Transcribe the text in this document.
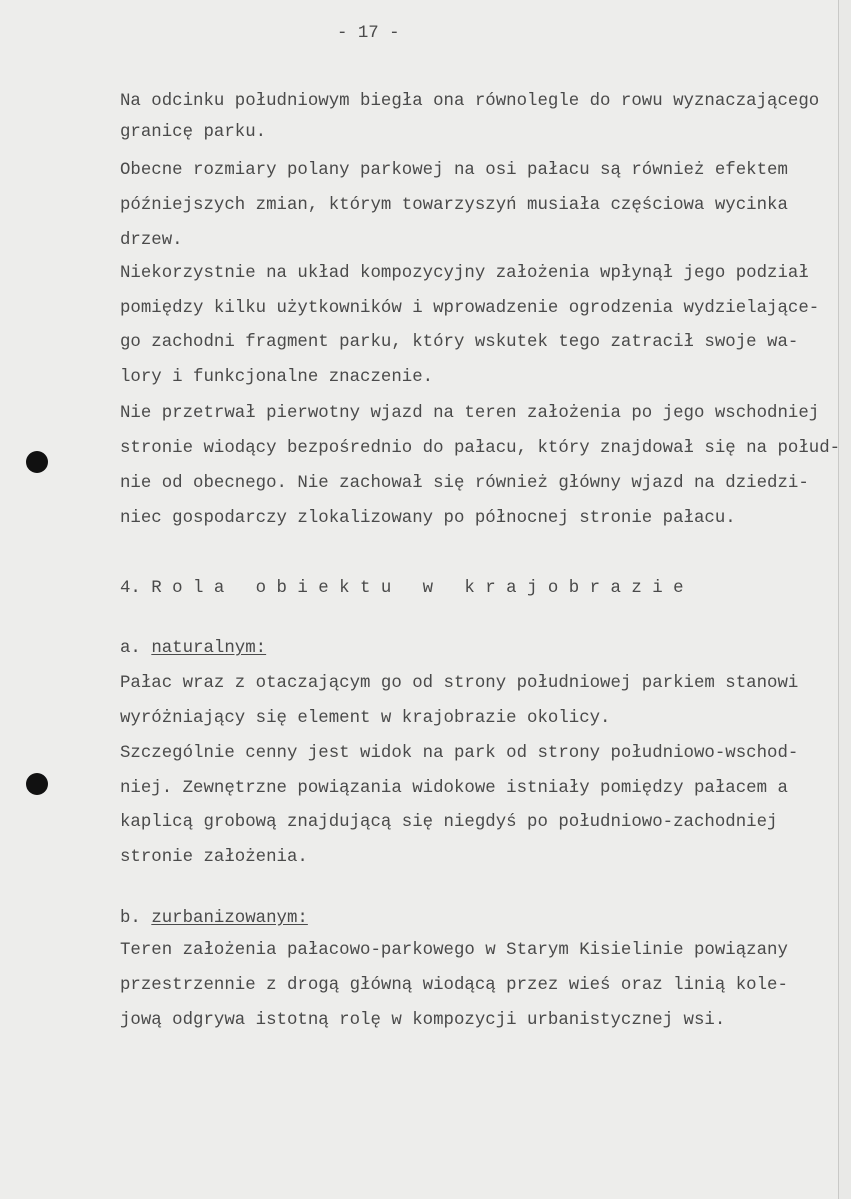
- 17 -
Na odcinku południowym biegła ona równolegle do rowu wyznaczającego
granicę parku.
Obecne rozmiary polany parkowej na osi pałacu są również efektem
późniejszych zmian, którym towarzyszyń musiała częściowa wycinka
drzew.
Niekorzystnie na układ kompozycyjny założenia wpłynął jego podział
pomiędzy kilku użytkowników i wprowadzenie ogrodzenia wydzielające-
go zachodni fragment parku, który wskutek tego zatracił swoje wa-
lory i funkcjonalne znaczenie.
Nie przetrwał pierwotny wjazd na teren założenia po jego wschodniej
stronie wiodący bezpośrednio do pałacu, który znajdował się na połud-
nie od obecnego. Nie zachował się również główny wjazd na dziedzi-
niec gospodarczy zlokalizowany po północnej stronie pałacu.
4. R o l a   o b i e k t u   w   k r a j o b r a z i e
a. naturalnym:
Pałac wraz z otaczającym go od strony południowej parkiem stanowi
wyróżniający się element w krajobrazie okolicy.
Szczególnie cenny jest widok na park od strony południowo-wschod-
niej. Zewnętrzne powiązania widokowe istniały pomiędzy pałacem a
kaplicą grobową znajdującą się niegdyś po południowo-zachodniej
stronie założenia.
b. zurbanizowanym:
Teren założenia pałacowo-parkowego w Starym Kisielinie powiązany
przestrzennie z drogą główną wiodącą przez wieś oraz linią kole-
jową odgrywa istotną rolę w kompozycji urbanistycznej wsi.
